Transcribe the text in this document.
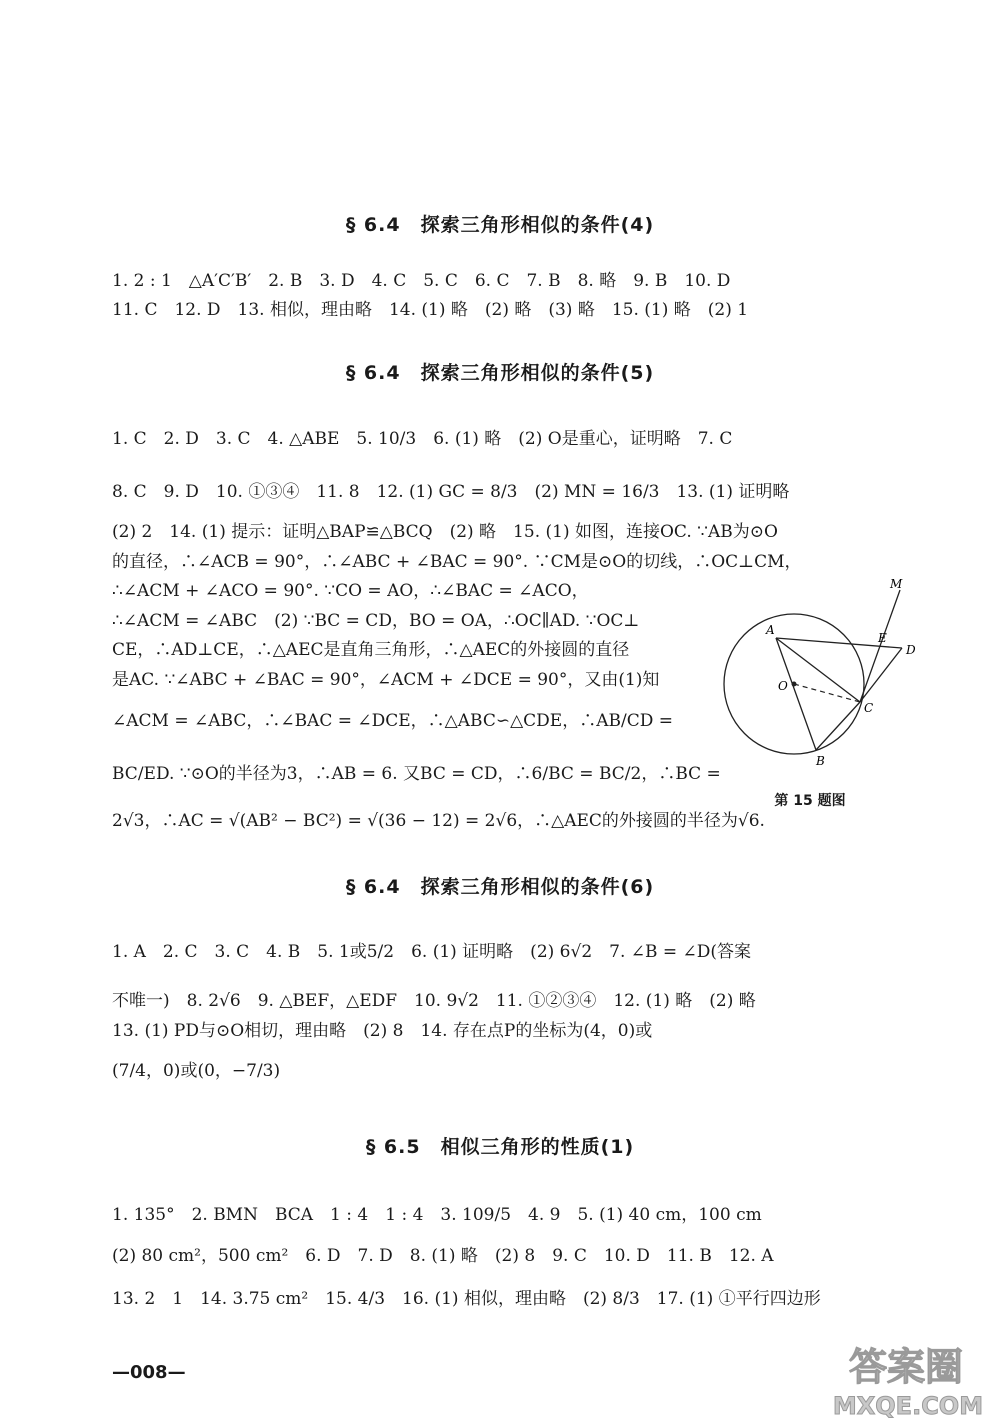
§ 6.4　探索三角形相似的条件(4)
1. 2 : 1　△A′C′B′　2. B　3. D　4. C　5. C　6. C　7. B　8. 略　9. B　10. D
11. C　12. D　13. 相似，理由略　14. (1) 略　(2) 略　(3) 略　15. (1) 略　(2) 1
§ 6.4　探索三角形相似的条件(5)
1. C　2. D　3. C　4. △ABE　5. 10/3　6. (1) 略　(2) O是重心，证明略　7. C
8. C　9. D　10. ①③④　11. 8　12. (1) GC = 8/3　(2) MN = 16/3　13. (1) 证明略
(2) 2　14. (1) 提示：证明△BAP≌△BCQ　(2) 略　15. (1) 如图，连接OC. ∵AB为⊙O
的直径，∴∠ACB = 90°，∴∠ABC + ∠BAC = 90°. ∵CM是⊙O的切线，∴OC⊥CM，
∴∠ACM + ∠ACO = 90°. ∵CO = AO，∴∠BAC = ∠ACO，
∴∠ACM = ∠ABC　(2) ∵BC = CD，BO = OA，∴OC∥AD. ∵OC⊥
CE，∴AD⊥CE，∴△AEC是直角三角形，∴△AEC的外接圆的直径
是AC. ∵∠ABC + ∠BAC = 90°，∠ACM + ∠DCE = 90°，又由(1)知
∠ACM = ∠ABC，∴∠BAC = ∠DCE，∴△ABC∽△CDE，∴AB/CD =
BC/ED. ∵⊙O的半径为3，∴AB = 6. 又BC = CD，∴6/BC = BC/2，∴BC =
2√3，∴AC = √(AB² − BC²) = √(36 − 12) = 2√6，∴△AEC的外接圆的半径为√6.
A
B
C
D
E
M
O
第 15 题图
§ 6.4　探索三角形相似的条件(6)
1. A　2. C　3. C　4. B　5. 1或5/2　6. (1) 证明略　(2) 6√2　7. ∠B = ∠D(答案
不唯一)　8. 2√6　9. △BEF，△EDF　10. 9√2　11. ①②③④　12. (1) 略　(2) 略
13. (1) PD与⊙O相切，理由略　(2) 8　14. 存在点P的坐标为(4，0)或
(7/4，0)或(0，−7/3)
§ 6.5　相似三角形的性质(1)
1. 135°　2. BMN　BCA　1 : 4　1 : 4　3. 109/5　4. 9　5. (1) 40 cm，100 cm
(2) 80 cm²，500 cm²　6. D　7. D　8. (1) 略　(2) 8　9. C　10. D　11. B　12. A
13. 2　1　14. 3.75 cm²　15. 4/3　16. (1) 相似，理由略　(2) 8/3　17. (1) ①平行四边形
—008—	答案圈
MXQE.COM
